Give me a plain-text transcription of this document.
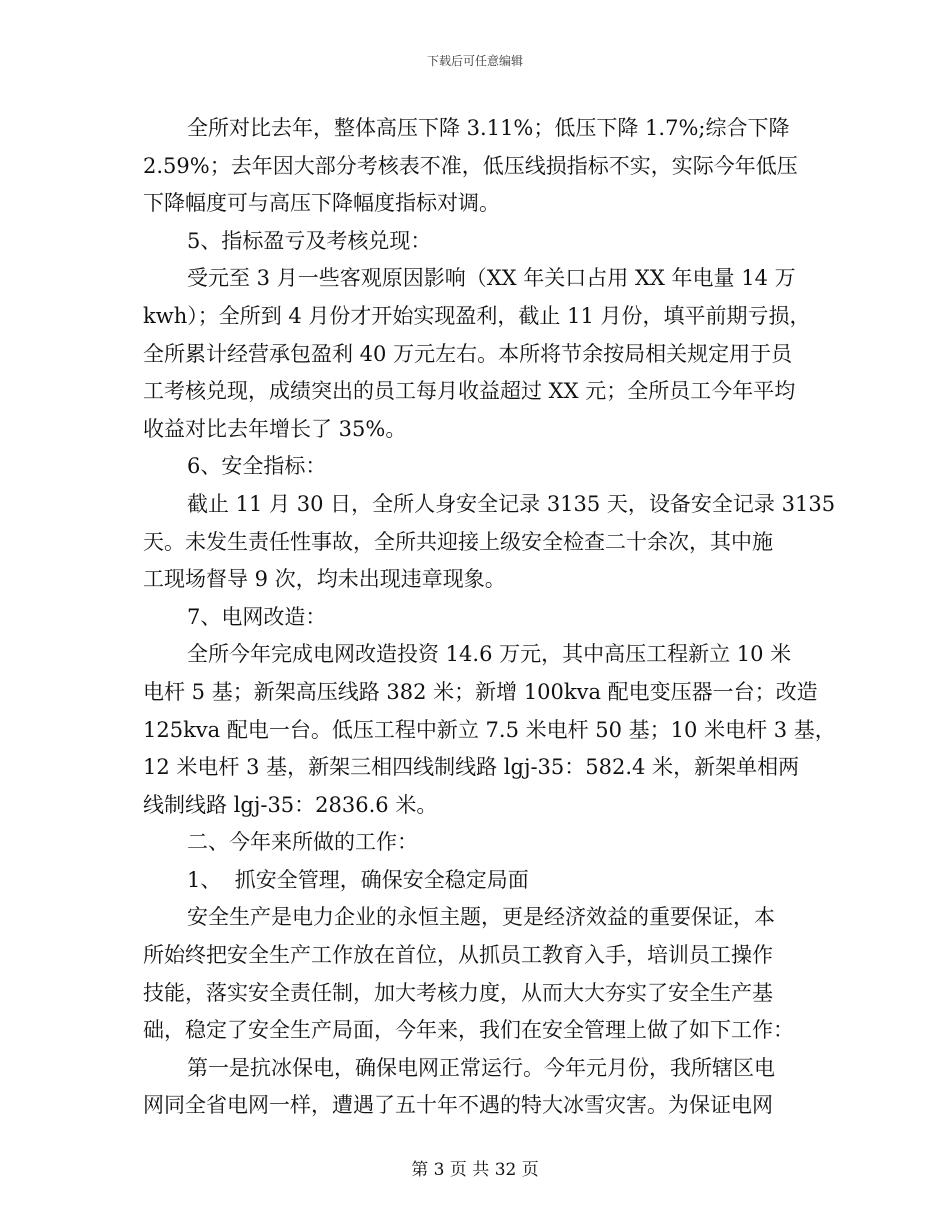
下载后可任意编辑
全所对比去年，整体高压下降 3.11%；低压下降 1.7%;综合下降
2.59%；去年因大部分考核表不准，低压线损指标不实，实际今年低压
下降幅度可与高压下降幅度指标对调。
5、指标盈亏及考核兑现：
受元至 3 月一些客观原因影响（XX 年关口占用 XX 年电量 14 万
kwh）；全所到 4 月份才开始实现盈利，截止 11 月份，填平前期亏损，
全所累计经营承包盈利 40 万元左右。本所将节余按局相关规定用于员
工考核兑现，成绩突出的员工每月收益超过 XX 元；全所员工今年平均
收益对比去年增长了 35%。
6、安全指标：
截止 11 月 30 日，全所人身安全记录 3135 天，设备安全记录 3135
天。未发生责任性事故，全所共迎接上级安全检查二十余次，其中施
工现场督导 9 次，均未出现违章现象。
7、电网改造：
全所今年完成电网改造投资 14.6 万元，其中高压工程新立 10 米
电杆 5 基；新架高压线路 382 米；新增 100kva 配电变压器一台；改造
125kva 配电一台。低压工程中新立 7.5 米电杆 50 基；10 米电杆 3 基，
12 米电杆 3 基，新架三相四线制线路 lgj-35：582.4 米，新架单相两
线制线路 lgj-35：2836.6 米。
二、今年来所做的工作：
1、  抓安全管理，确保安全稳定局面
安全生产是电力企业的永恒主题，更是经济效益的重要保证，本
所始终把安全生产工作放在首位，从抓员工教育入手，培训员工操作
技能，落实安全责任制，加大考核力度，从而大大夯实了安全生产基
础，稳定了安全生产局面，今年来，我们在安全管理上做了如下工作：
第一是抗冰保电，确保电网正常运行。今年元月份，我所辖区电
网同全省电网一样，遭遇了五十年不遇的特大冰雪灾害。为保证电网
第 3 页 共 32 页
